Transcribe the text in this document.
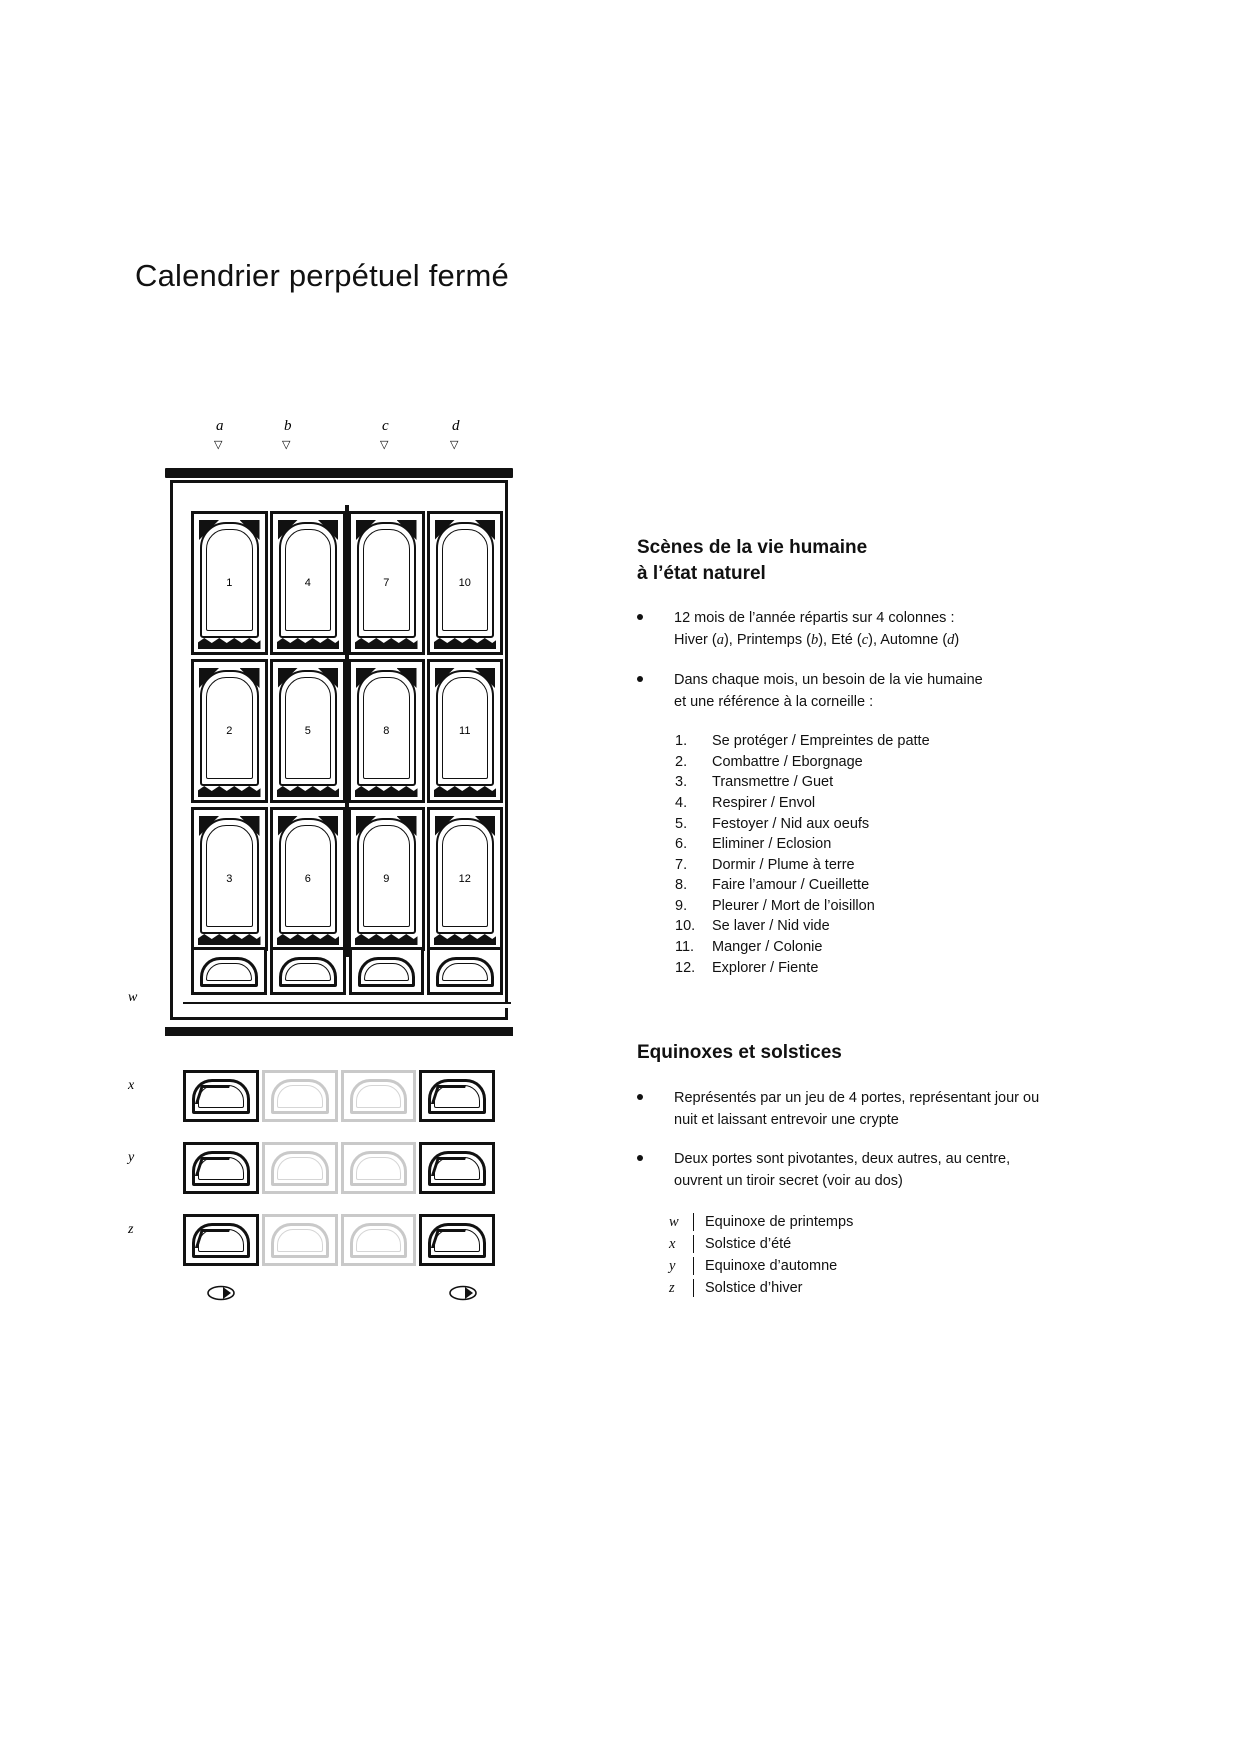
Calendrier perpétuel fermé
a
▽
b
▽
c
▽
d
▽
1	4	7	10
2	5	8	11
3	6	9	12
w
x
y
z
Scènes de la vie humaine
à l’état naturel
12 mois de l’année répartis sur 4 colonnes :
Hiver (a), Printemps (b), Eté (c), Automne (d)
Dans chaque mois, un besoin de la vie humaine
et une référence à la corneille :
1.	Se protéger / Empreintes de patte
2.	Combattre / Eborgnage
3.	Transmettre / Guet
4.	Respirer / Envol
5.	Festoyer / Nid aux oeufs
6.	Eliminer / Eclosion
7.	Dormir / Plume à terre
8.	Faire l’amour / Cueillette
9.	Pleurer / Mort de l’oisillon
10.	Se laver / Nid vide
11.	Manger / Colonie
12.	Explorer / Fiente
Equinoxes et solstices
Représentés par un jeu de 4 portes, représentant jour ou
nuit et laissant entrevoir une crypte
Deux portes sont pivotantes, deux autres, au centre,
ouvrent un tiroir secret (voir au dos)
w	Equinoxe de printemps
x	Solstice d’été
y	Equinoxe d’automne
z	Solstice d’hiver
